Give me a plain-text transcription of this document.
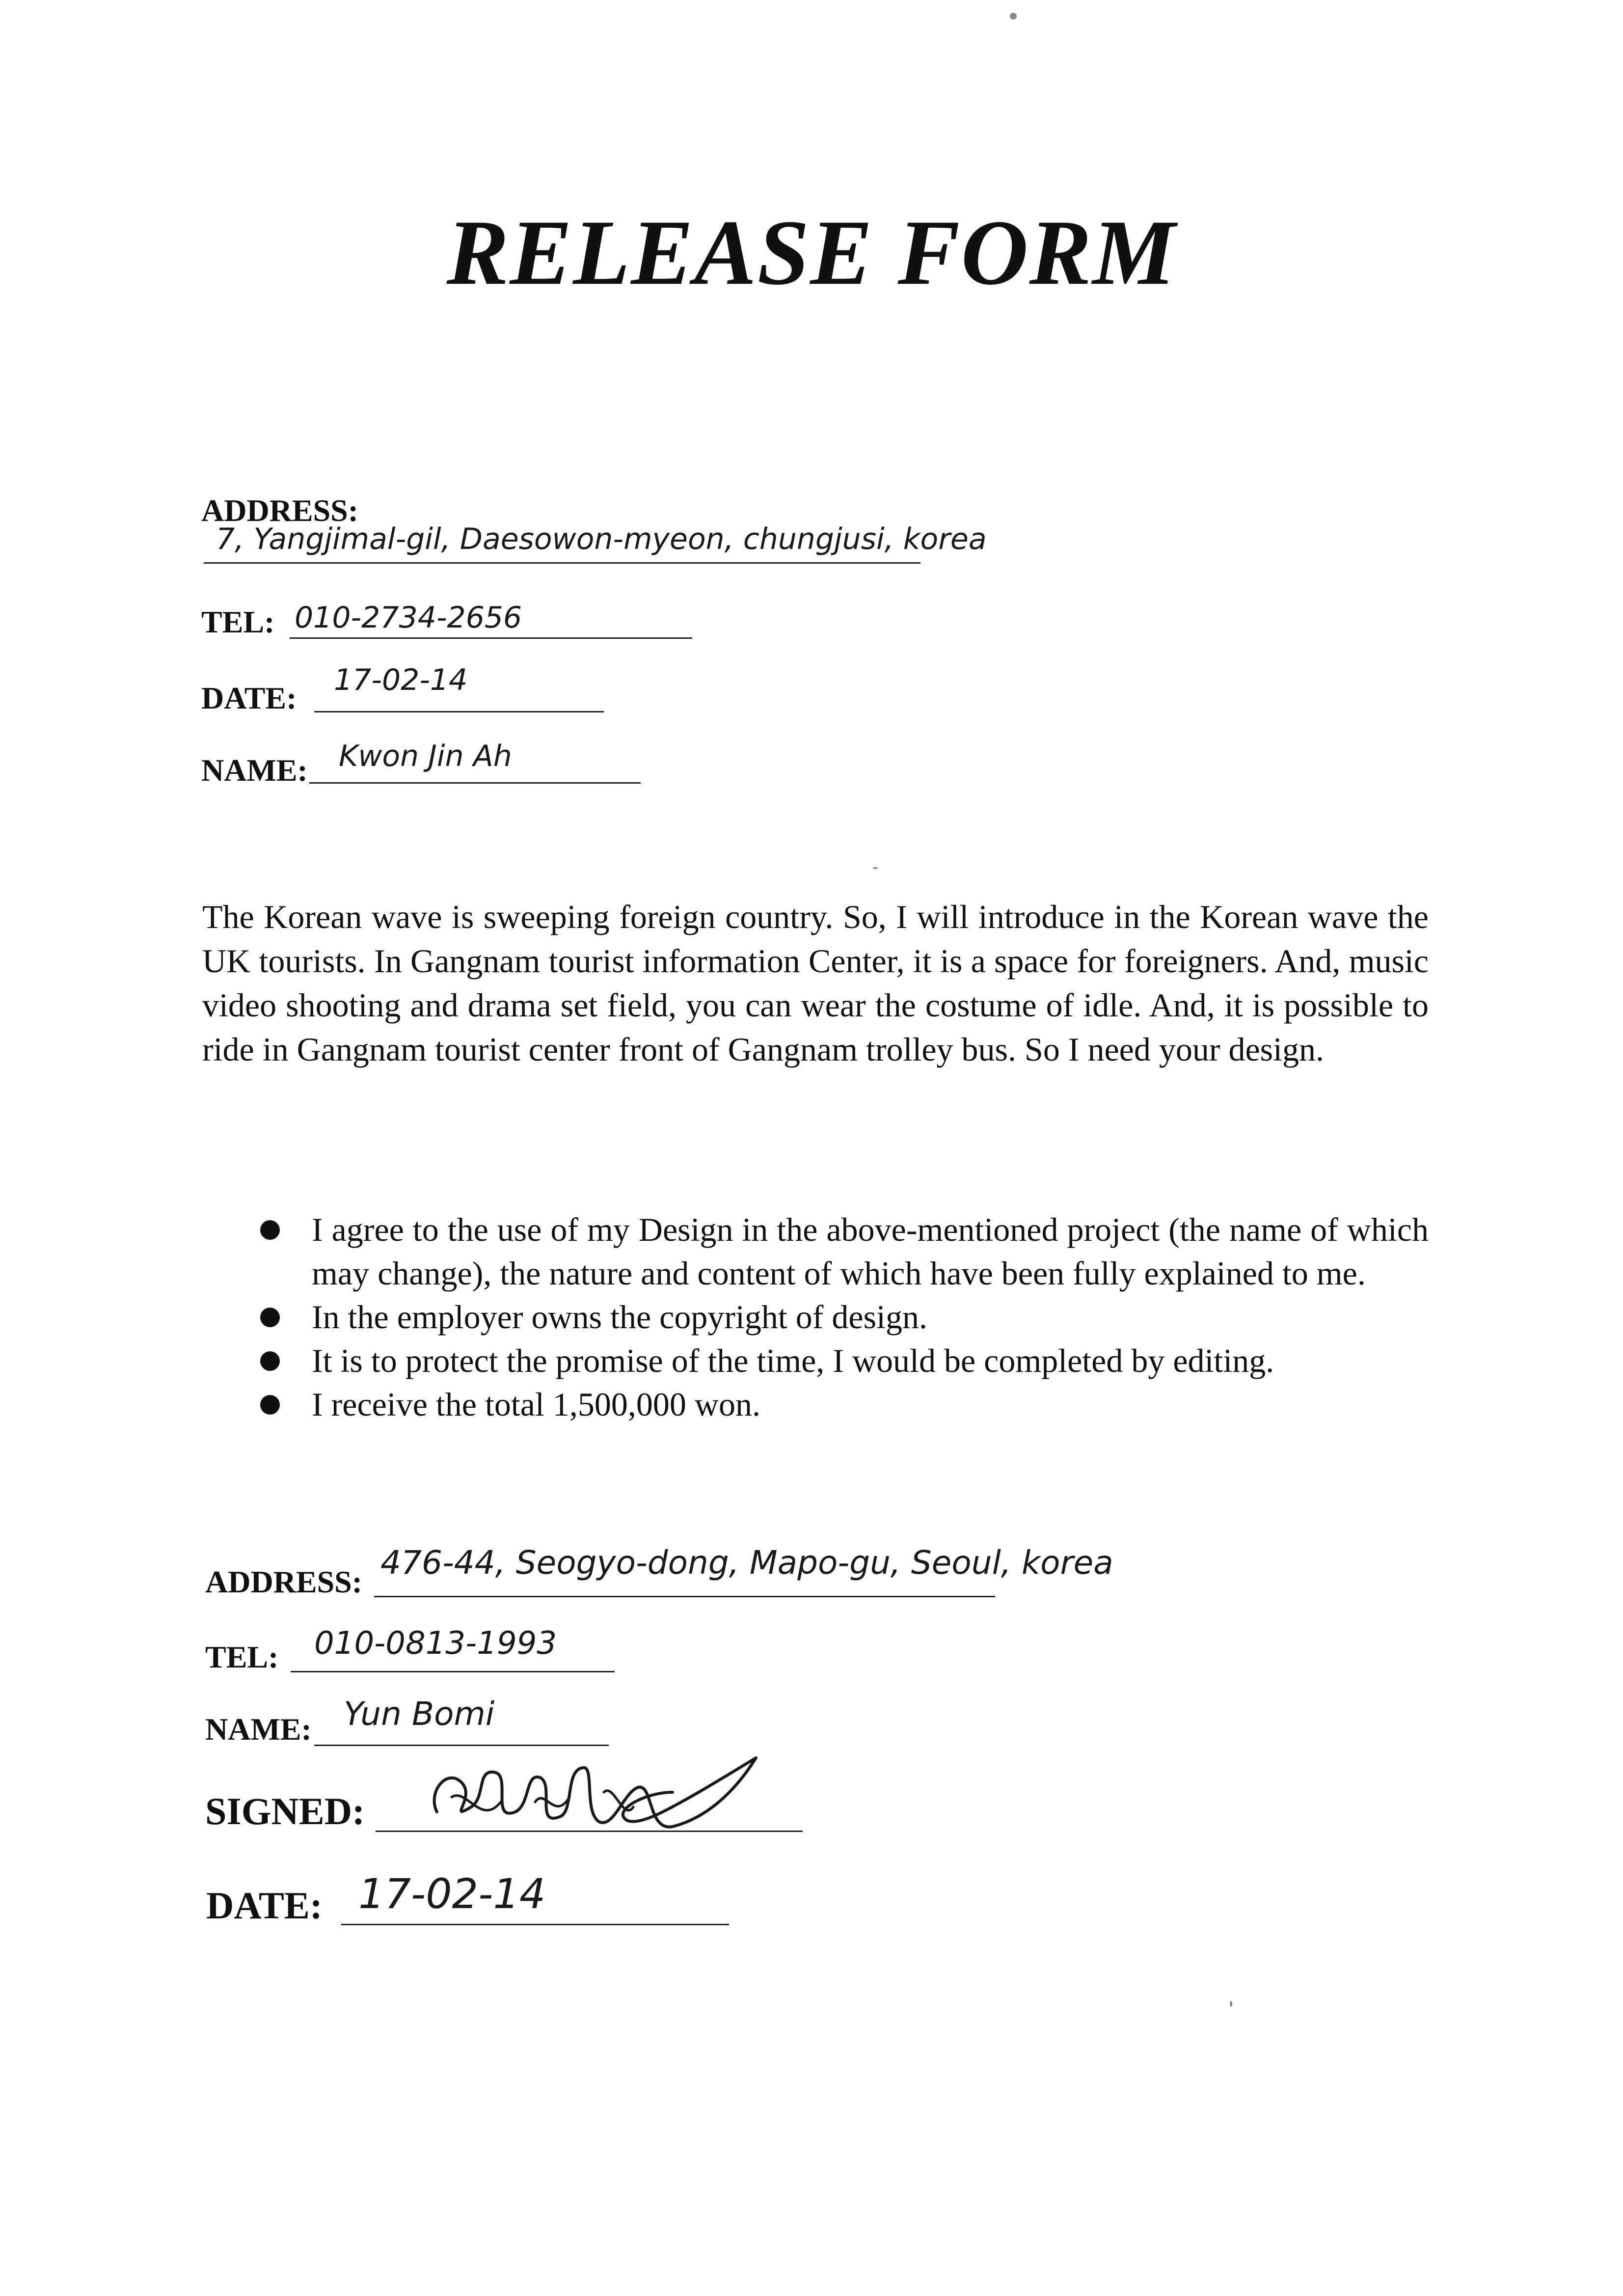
RELEASE FORM
ADDRESS:
7, Yangjimal-gil, Daesowon-myeon, chungjusi, korea
TEL: 010-2734-2656
DATE:
17-02-14
NAME: Kwon Jin Ah
The Korean wave is sweeping foreign country. So, I will introduce in the Korean wave the UK tourists. In Gangnam tourist information Center, it is a space for foreigners. And, music video shooting and drama set field, you can wear the costume of idle. And, it is possible to ride in Gangnam tourist center front of Gangnam trolley bus. So I need your design.
I agree to the use of my Design in the above-mentioned project (the name of which may change), the nature and content of which have been fully explained to me.
In the employer owns the copyright of design.
It is to protect the promise of the time, I would be completed by editing.
I receive the total 1,500,000 won.
ADDRESS:
476-44, Seogyo-dong, Mapo-gu, Seoul, korea
TEL: 010-0813-1993
NAME: Yun Bomi
SIGNED:
DATE: 17-02-14
